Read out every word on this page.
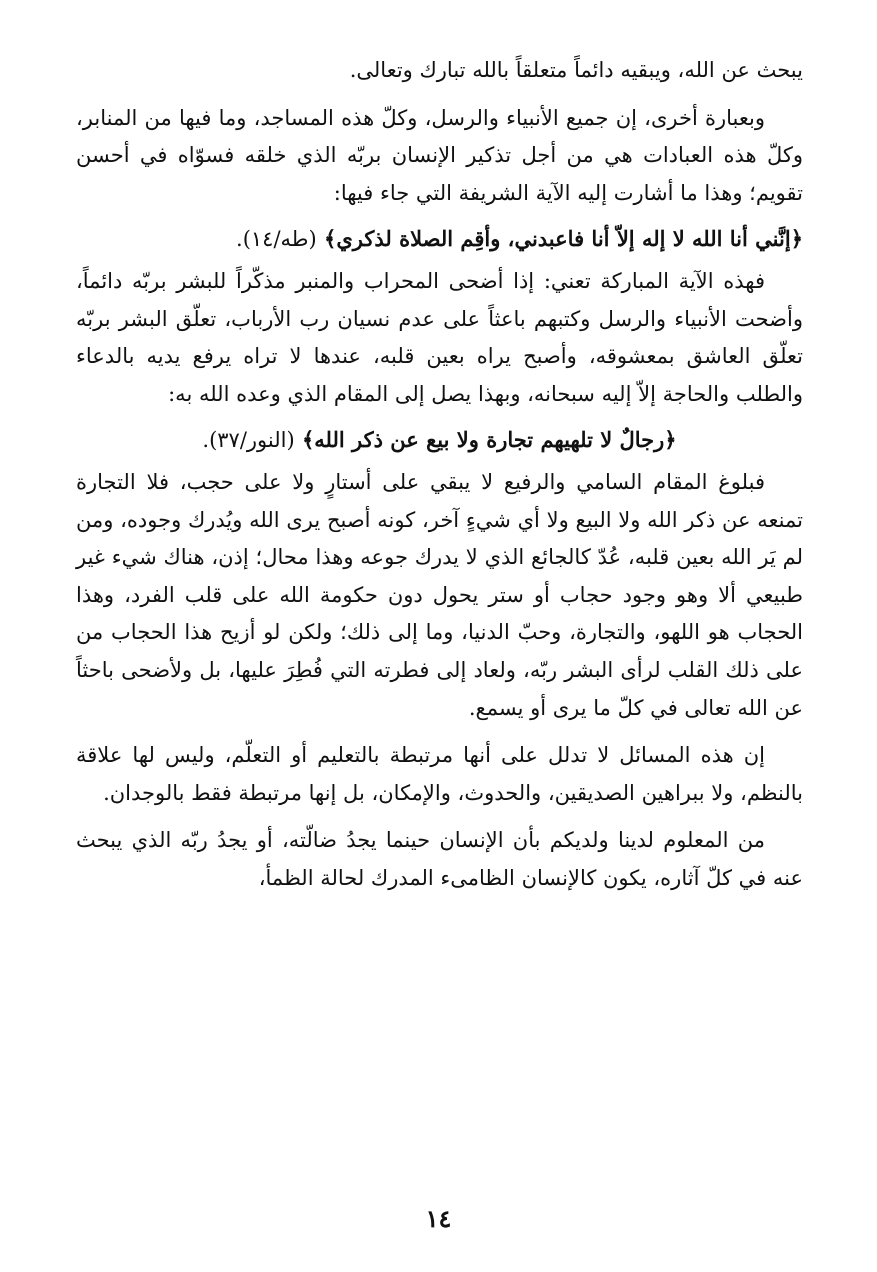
يبحث عن الله، ويبقيه دائماً متعلقاً بالله تبارك وتعالى.

وبعبارة أخرى، إن جميع الأنبياء والرسل، وكلّ هذه المساجد، وما فيها من المنابر، وكلّ هذه العبادات هي من أجل تذكير الإنسان بربّه الذي خلقه فسوّاه في أحسن تقويم؛ وهذا ما أشارت إليه الآية الشريفة التي جاء فيها:

﴿إنَّني أنا الله لا إله إلاّ أنا فاعبدني، وأقِم الصلاة لذكري﴾ (طه/١٤).

فهذه الآية المباركة تعني: إذا أضحى المحراب والمنبر مذكّراً للبشر بربّه دائماً، وأضحت الأنبياء والرسل وكتبهم باعثاً على عدم نسيان رب الأرباب، تعلّق البشر بربّه تعلّق العاشق بمعشوقه، وأصبح يراه بعين قلبه، عندها لا تراه يرفع يديه بالدعاء والطلب والحاجة إلاّ إليه سبحانه، وبهذا يصل إلى المقام الذي وعده الله به:

﴿رجالٌ لا تلهيهم تجارة ولا بيع عن ذكر الله﴾ (النور/٣٧).

فبلوغ المقام السامي والرفيع لا يبقي على أستارٍ ولا على حجب، فلا التجارة تمنعه عن ذكر الله ولا البيع ولا أي شيءٍ آخر، كونه أصبح يرى الله ويُدرك وجوده، ومن لم يَر الله بعين قلبه، عُدّ كالجائع الذي لا يدرك جوعه وهذا محال؛ إذن، هناك شيء غير طبيعي ألا وهو وجود حجاب أو ستر يحول دون حكومة الله على قلب الفرد، وهذا الحجاب هو اللهو، والتجارة، وحبّ الدنيا، وما إلى ذلك؛ ولكن لو أزيح هذا الحجاب من على ذلك القلب لرأى البشر ربّه، ولعاد إلى فطرته التي فُطِرَ عليها، بل ولأضحى باحثاً عن الله تعالى في كلّ ما يرى أو يسمع.

إن هذه المسائل لا تدلل على أنها مرتبطة بالتعليم أو التعلّم، وليس لها علاقة بالنظم، ولا ببراهين الصديقين، والحدوث، والإمكان، بل إنها مرتبطة فقط بالوجدان.

من المعلوم لدينا ولديكم بأن الإنسان حينما يجدُ ضالّته، أو يجدُ ربّه الذي يبحث عنه في كلّ آثاره، يكون كالإنسان الظامىء المدرك لحالة الظمأ،

١٤
